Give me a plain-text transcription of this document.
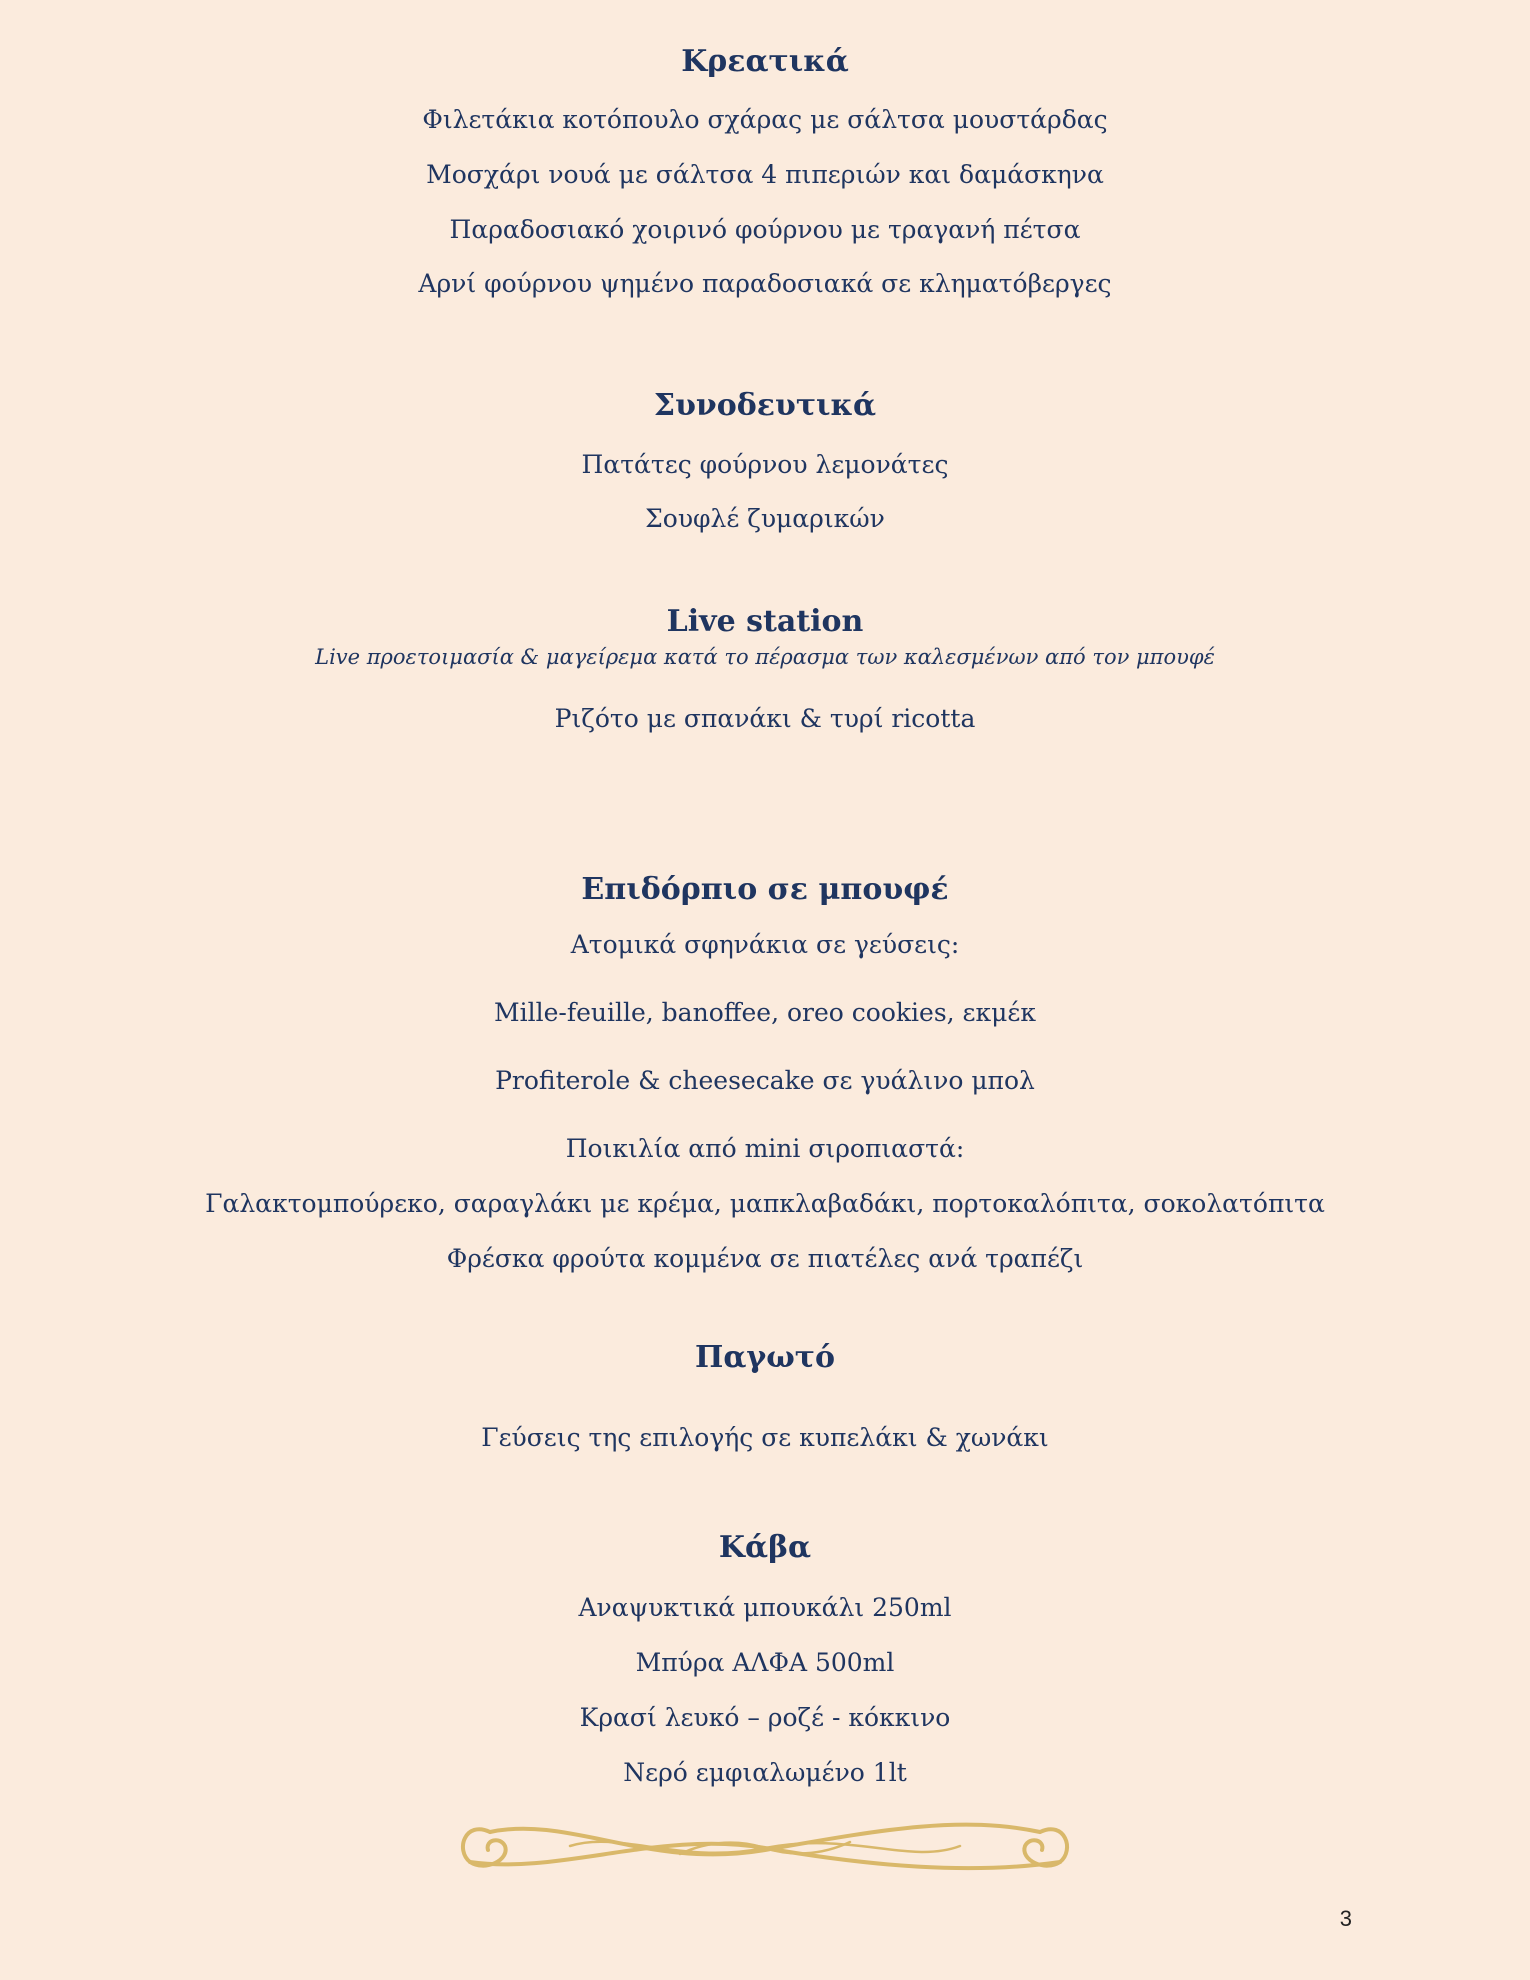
Κρεατικά
Φιλετάκια κοτόπουλο σχάρας με σάλτσα μουστάρδας
Μοσχάρι νουά με σάλτσα 4 πιπεριών και δαμάσκηνα
Παραδοσιακό χοιρινό φούρνου με τραγανή πέτσα
Αρνί φούρνου ψημένο παραδοσιακά σε κληματόβεργες
Συνοδευτικά
Πατάτες φούρνου λεμονάτες
Σουφλέ ζυμαρικών
Live station
Live προετοιμασία & μαγείρεμα κατά το πέρασμα των καλεσμένων από τον μπουφέ
Ριζότο με σπανάκι & τυρί ricotta
Επιδόρπιο σε μπουφέ
Ατομικά σφηνάκια σε γεύσεις:
Mille-feuille, banoffee, oreo cookies, εκμέκ
Profiterole & cheesecake σε γυάλινο μπολ
Ποικιλία από mini σιροπιαστά:
Γαλακτομπούρεκο, σαραγλάκι με κρέμα, μαπκλαβαδάκι, πορτοκαλόπιτα, σοκολατόπιτα
Φρέσκα φρούτα κομμένα σε πιατέλες ανά τραπέζι
Παγωτό
Γεύσεις της επιλογής σε κυπελάκι & χωνάκι
Κάβα
Αναψυκτικά μπουκάλι 250ml
Μπύρα ΑΛΦΑ 500ml
Κρασί λευκό – ροζέ - κόκκινο
Νερό εμφιαλωμένο 1lt
3
